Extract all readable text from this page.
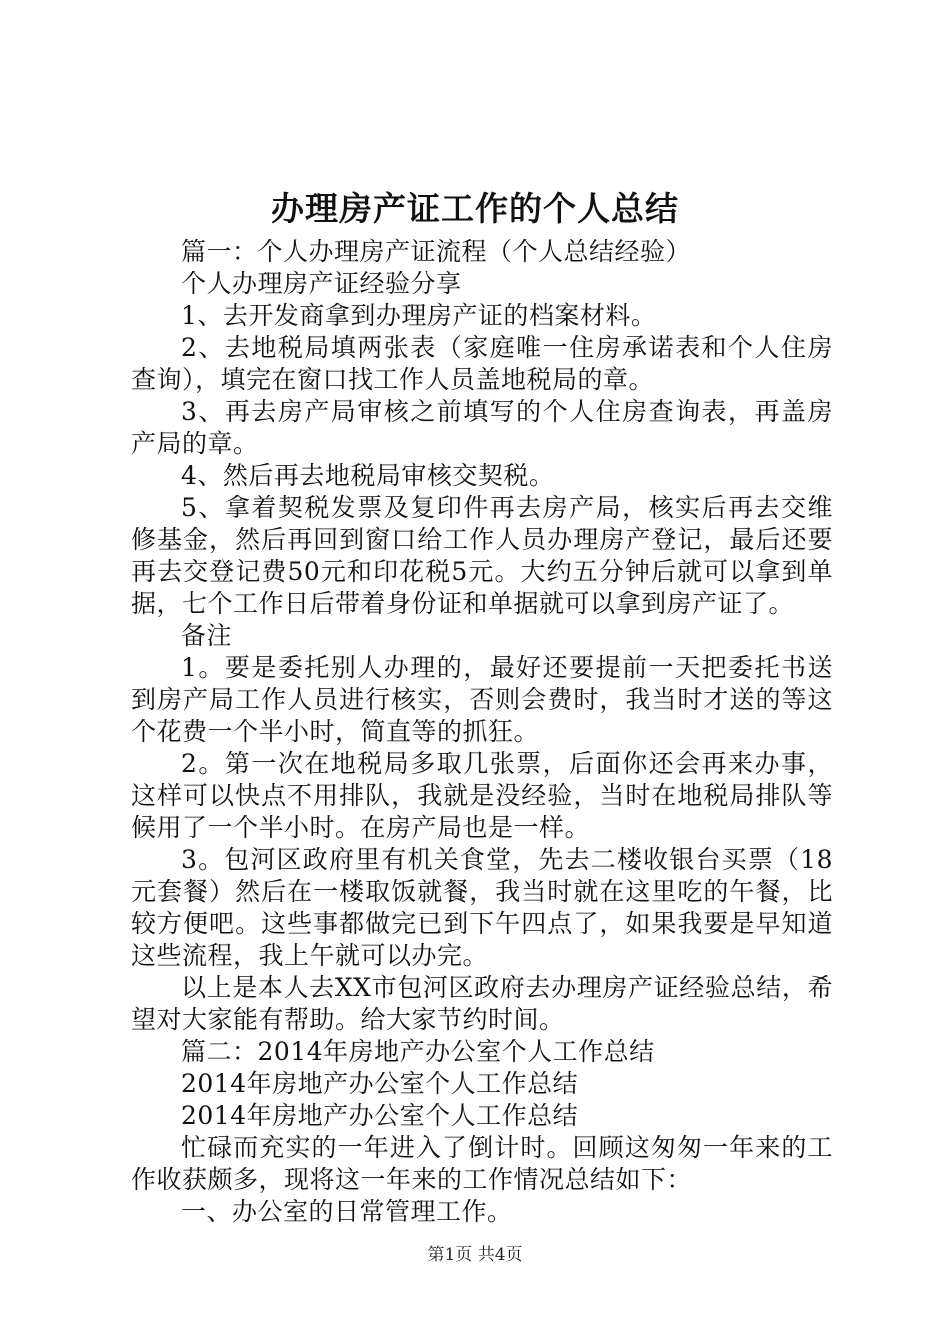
办理房产证工作的个人总结

篇一：个人办理房产证流程（个人总结经验）

个人办理房产证经验分享

1、去开发商拿到办理房产证的档案材料。

2、去地税局填两张表（家庭唯一住房承诺表和个人住房查询），填完在窗口找工作人员盖地税局的章。

3、再去房产局审核之前填写的个人住房查询表，再盖房产局的章。

4、然后再去地税局审核交契税。

5、拿着契税发票及复印件再去房产局，核实后再去交维修基金，然后再回到窗口给工作人员办理房产登记，最后还要再去交登记费50元和印花税5元。大约五分钟后就可以拿到单据，七个工作日后带着身份证和单据就可以拿到房产证了。

备注

1。要是委托别人办理的，最好还要提前一天把委托书送到房产局工作人员进行核实，否则会费时，我当时才送的等这个花费一个半小时，简直等的抓狂。

2。第一次在地税局多取几张票，后面你还会再来办事，这样可以快点不用排队，我就是没经验，当时在地税局排队等候用了一个半小时。在房产局也是一样。

3。包河区政府里有机关食堂，先去二楼收银台买票（18元套餐）然后在一楼取饭就餐，我当时就在这里吃的午餐，比较方便吧。这些事都做完已到下午四点了，如果我要是早知道这些流程，我上午就可以办完。

以上是本人去XX市包河区政府去办理房产证经验总结，希望对大家能有帮助。给大家节约时间。

篇二：2014年房地产办公室个人工作总结

2014年房地产办公室个人工作总结

2014年房地产办公室个人工作总结

忙碌而充实的一年进入了倒计时。回顾这匆匆一年来的工作收获颇多，现将这一年来的工作情况总结如下：

一、办公室的日常管理工作。

第1页 共4页
